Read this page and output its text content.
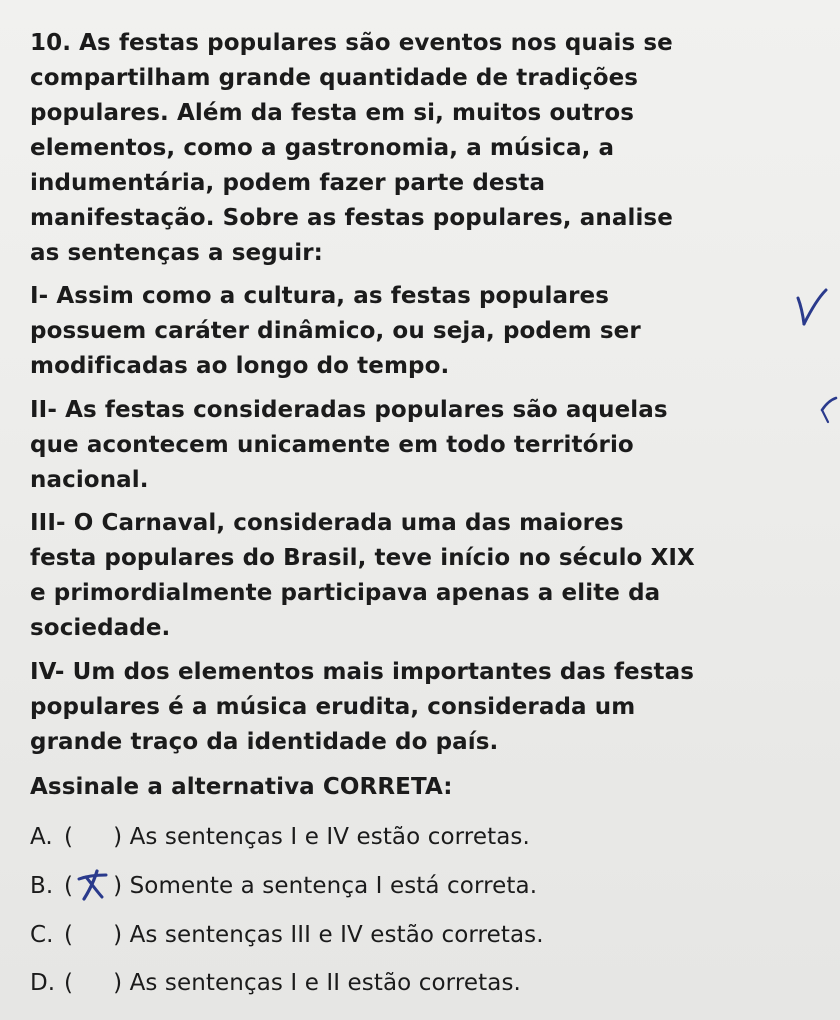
10. As festas populares são eventos nos quais se
compartilham grande quantidade de tradições
populares. Além da festa em si, muitos outros
elementos, como a gastronomia, a música, a
indumentária, podem fazer parte desta
manifestação. Sobre as festas populares, analise
as sentenças a seguir:
I- Assim como a cultura, as festas populares
possuem caráter dinâmico, ou seja, podem ser
modificadas ao longo do tempo.
II- As festas consideradas populares são aquelas
que acontecem unicamente em todo território
nacional.
III- O Carnaval, considerada uma das maiores
festa populares do Brasil, teve início no século XIX
e primordialmente participava apenas a elite da
sociedade.
IV- Um dos elementos mais importantes das festas
populares é a música erudita, considerada um
grande traço da identidade do país.
Assinale a alternativa CORRETA:
A. ( ) As sentenças I e IV estão corretas.
B. ( ) Somente a sentença I está correta.
C. ( ) As sentenças III e IV estão corretas.
D. ( ) As sentenças I e II estão corretas.
